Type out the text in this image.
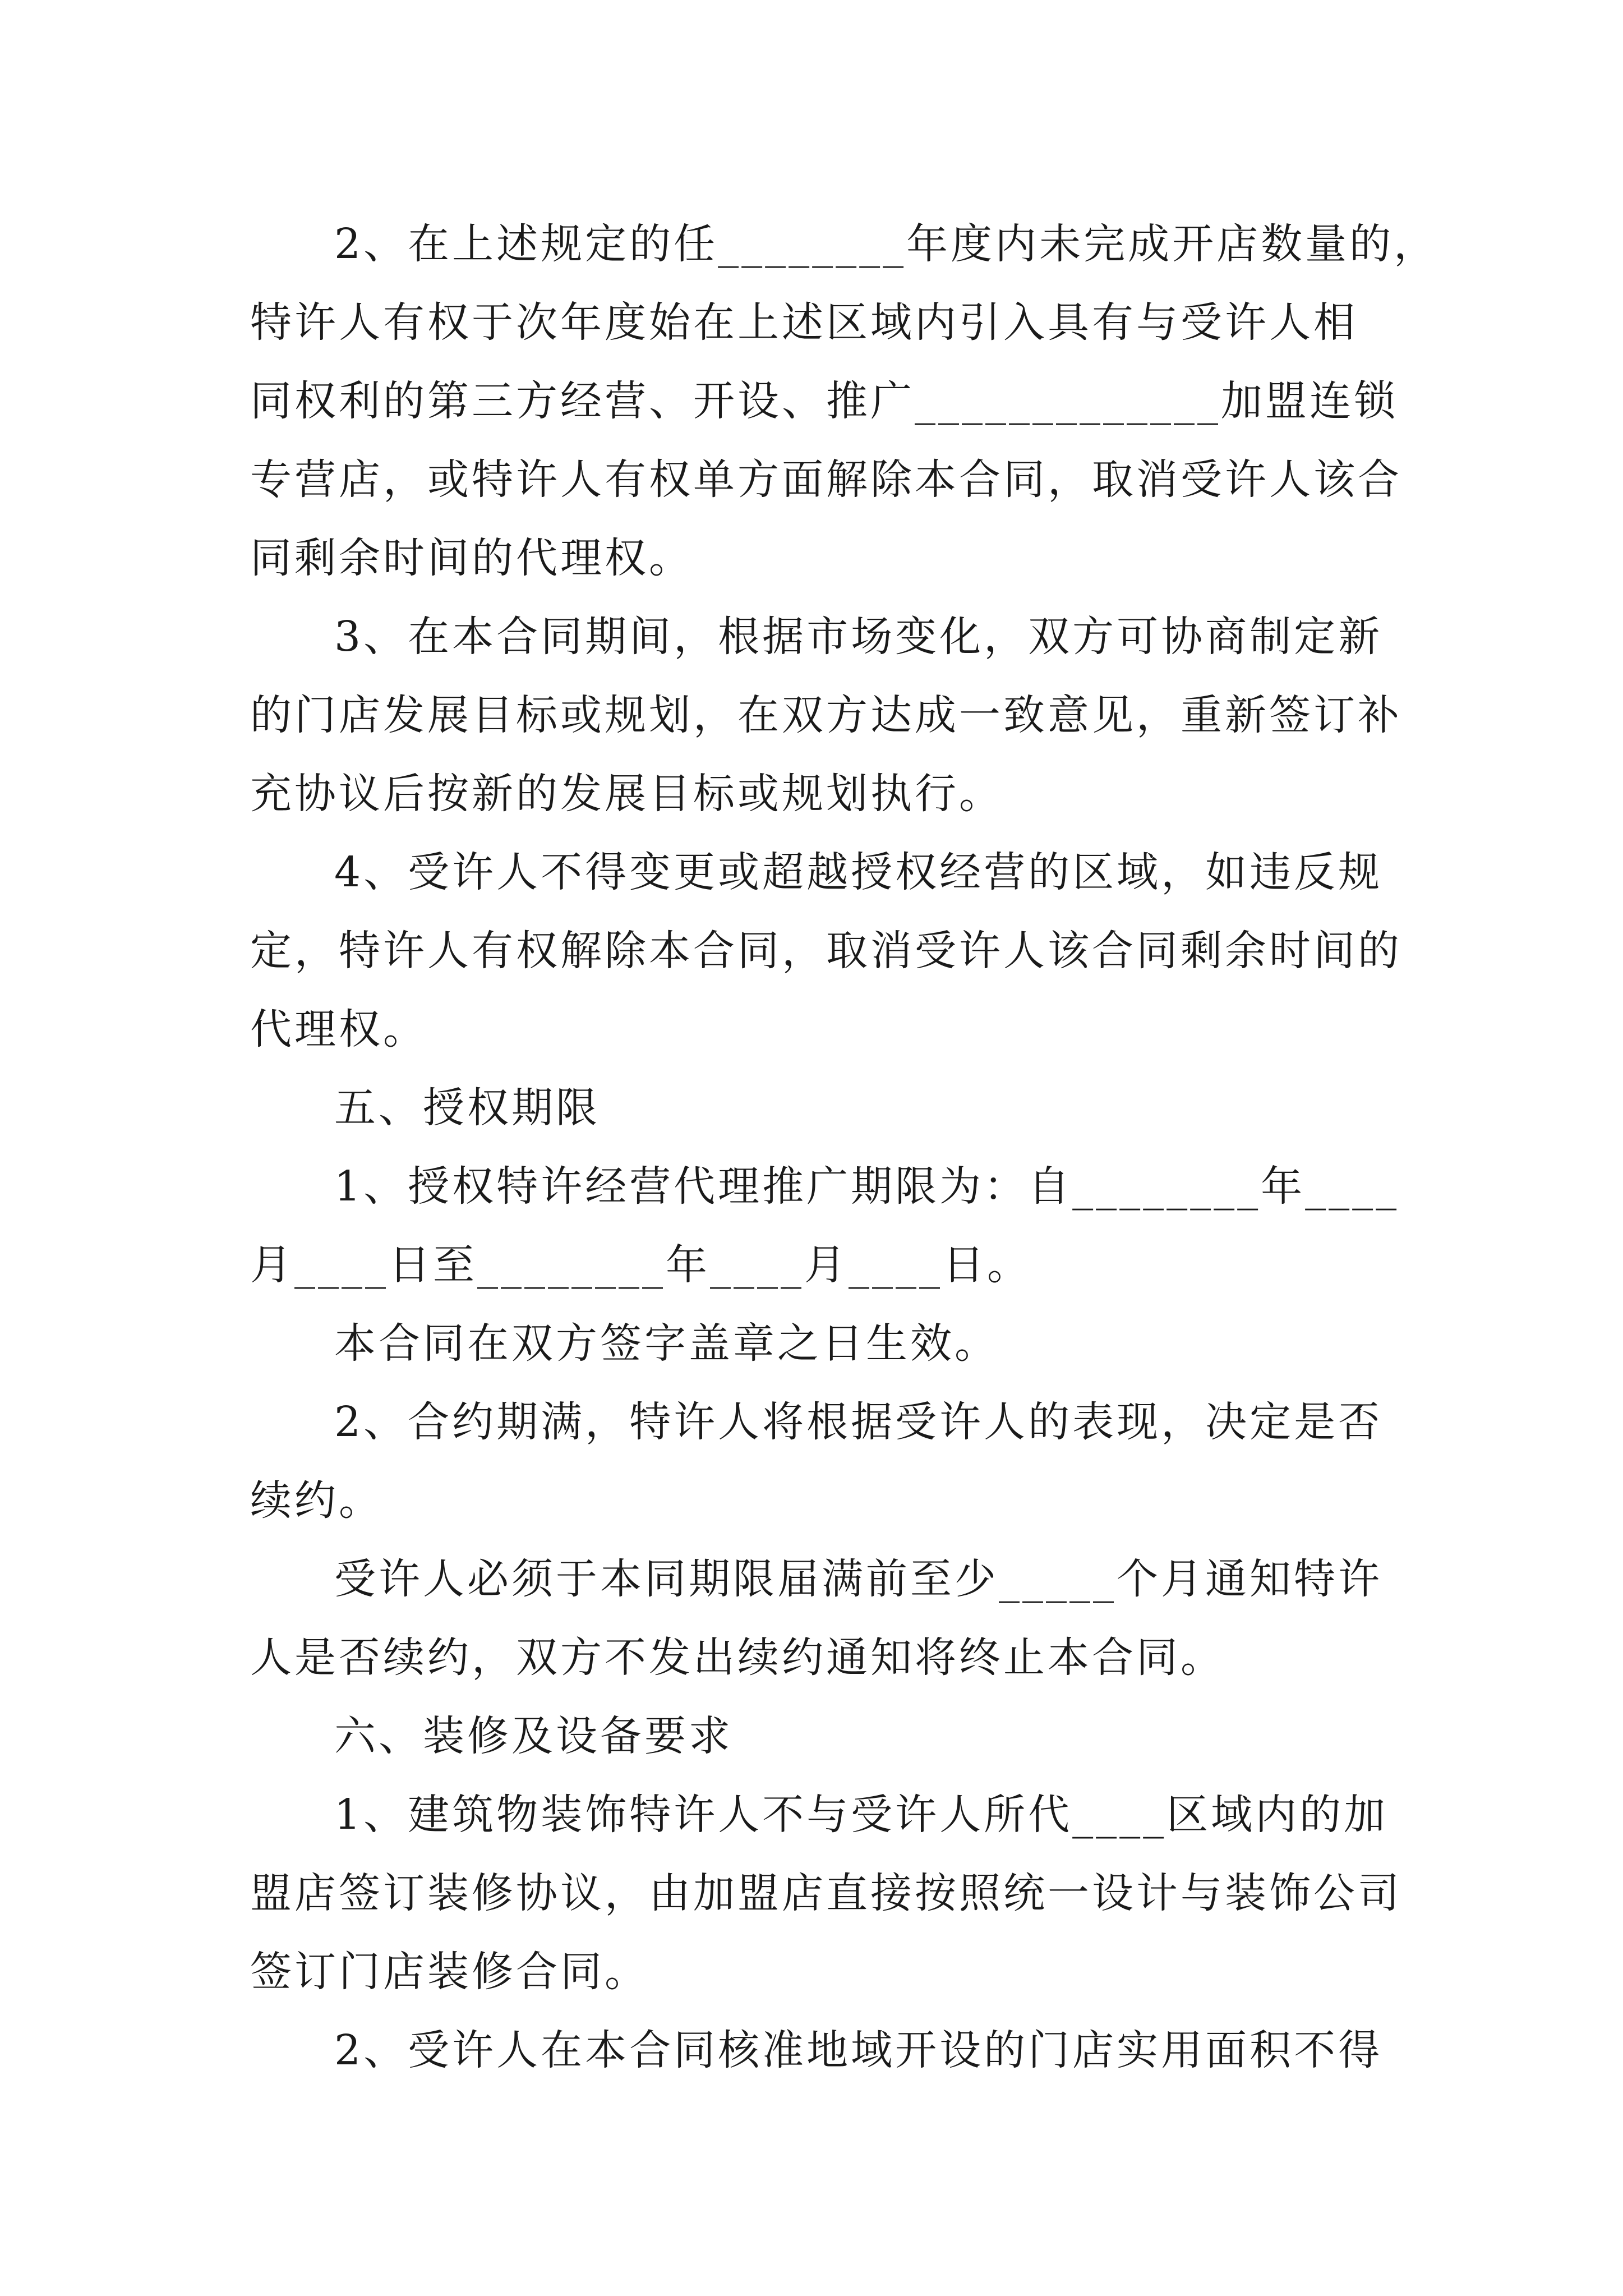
2、在上述规定的任________年度内未完成开店数量的，
特许人有权于次年度始在上述区域内引入具有与受许人相
同权利的第三方经营、开设、推广_____________加盟连锁
专营店，或特许人有权单方面解除本合同，取消受许人该合
同剩余时间的代理权。
3、在本合同期间，根据市场变化，双方可协商制定新
的门店发展目标或规划，在双方达成一致意见，重新签订补
充协议后按新的发展目标或规划执行。
4、受许人不得变更或超越授权经营的区域，如违反规
定，特许人有权解除本合同，取消受许人该合同剩余时间的
代理权。
五、授权期限
1、授权特许经营代理推广期限为：自________年____
月____日至________年____月____日。
本合同在双方签字盖章之日生效。
2、合约期满，特许人将根据受许人的表现，决定是否
续约。
受许人必须于本同期限届满前至少_____个月通知特许
人是否续约，双方不发出续约通知将终止本合同。
六、装修及设备要求
1、建筑物装饰特许人不与受许人所代____区域内的加
盟店签订装修协议，由加盟店直接按照统一设计与装饰公司
签订门店装修合同。
2、受许人在本合同核准地域开设的门店实用面积不得
